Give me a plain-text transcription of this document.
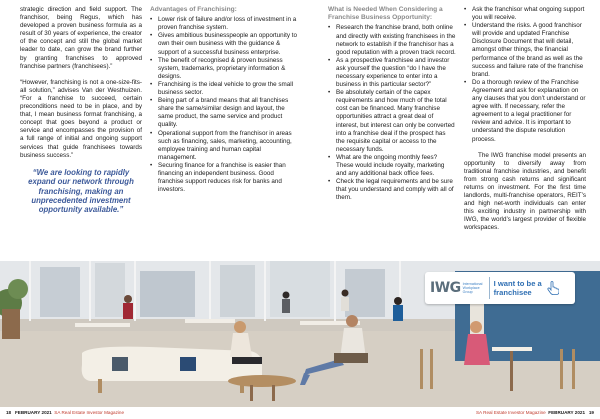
strategic direction and field support. The franchisor, being Regus, which has developed a proven business formula as a result of 30 years of experience, the creator of the concept and still the global market leader to date, can grow the brand further by granting franchises to approved franchise partners (franchisees).”

“However, franchising is not a one-size-fits-all solution,” advises Van der Westhuizen. “For a franchise to succeed, certain preconditions need to be in place, and by that, I mean business format franchising, a concept that goes beyond a product or service and encompasses the provision of a full range of initial and ongoing support services that guide franchisees towards business success.”

“We are looking to rapidly expand our network through franchising, making an unprecedented investment opportunity available.”
Advantages of Franchising:
• Lower risk of failure and/or loss of investment in a proven franchise system.
• Gives ambitious businesspeople an opportunity to own their own business with the guidance & support of a successful business enterprise.
• The benefit of recognised & proven business system, trademarks, proprietary information & designs.
• Franchising is the ideal vehicle to grow the small business sector.
• Being part of a brand means that all franchises share the same/similar design and layout, the same product, the same service and product quality.
• Operational support from the franchisor in areas such as financing, sales, marketing, accounting, employee training and human capital management.
• Securing finance for a franchise is easier than financing an independent business. Good franchise support reduces risk for banks and investors.
What is Needed When Considering a Franchise Business Opportunity:
• Research the franchise brand, both online and directly with existing franchisees in the network to establish if the franchisor has a good reputation with a proven track record.
• As a prospective franchisee and investor ask yourself the question “do I have the necessary experience to enter into a business in this particular sector?”
• Be absolutely certain of the capex requirements and how much of the total cost can be financed. Many franchise opportunities attract a great deal of interest, but interest can only be converted into a franchise deal if the prospect has the requisite capital or access to the necessary funds.
• What are the ongoing monthly fees? These would include royalty, marketing and any additional back office fees.
• Check the legal requirements and be sure that you understand and comply with all of them.
• Ask the franchisor what ongoing support you will receive.
• Understand the risks. A good franchisor will provide and updated Franchise Disclosure Document that will detail, amongst other things, the financial performance of the brand as well as the success and failure rate of the franchise brand.
• Do a thorough review of the Franchise Agreement and ask for explanation on any clauses that you don’t understand or agree with. If necessary, refer the agreement to a legal practitioner for review and advice. It is important to understand the dispute resolution process.

The IWG franchise model presents an opportunity to diversify away from traditional franchise industries, and benefit from strong cash returns and significant returns on investment. For the first time landlords, multi-franchise operators, REIT’s and high net-worth individuals can enter this exciting industry in partnership with IWG, the world’s largest provider of flexible workspaces.

IWG International Workplace Group
I want to be a franchisee
18 FEBRUARY 2021 SA Real Estate Investor Magazine	SA Real Estate Investor Magazine FEBRUARY 2021 19
